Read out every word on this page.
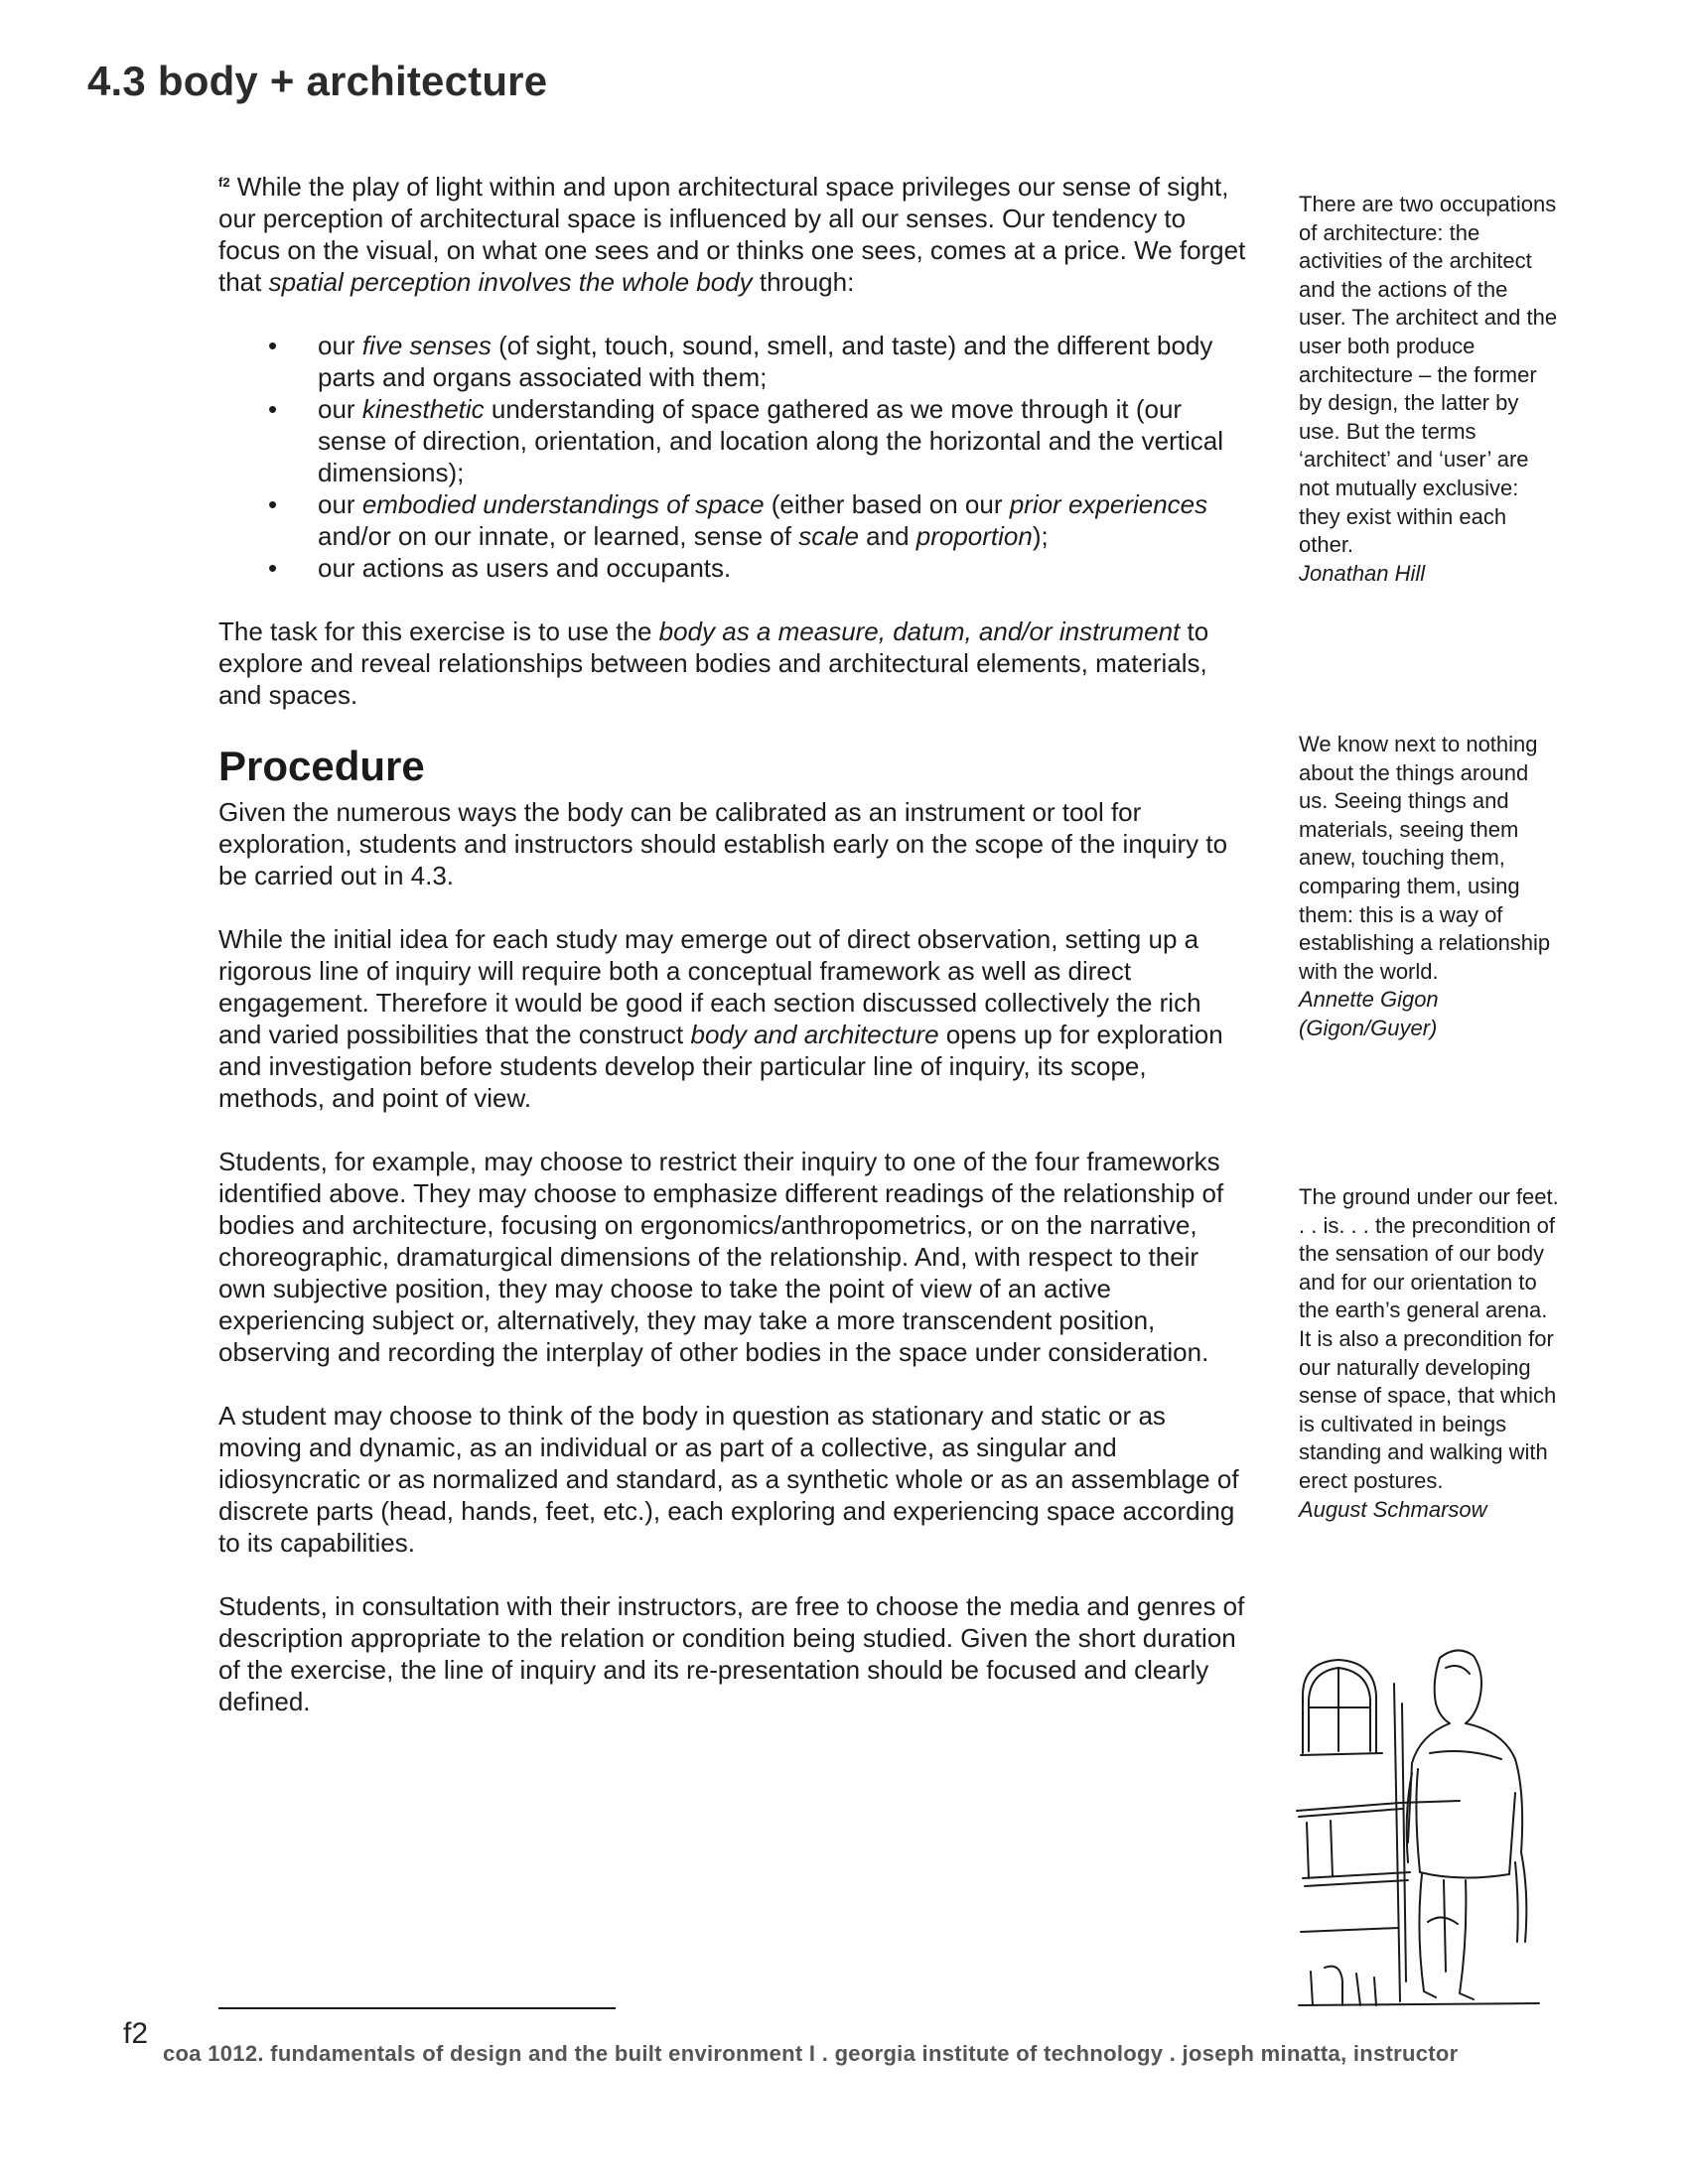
4.3 body + architecture

$^{f2}$ While the play of light within and upon architectural space privileges our sense of sight, our perception of architectural space is influenced by all our senses. Our tendency to focus on the visual, on what one sees and or thinks one sees, comes at a price. We forget that spatial perception involves the whole body through:

• our five senses (of sight, touch, sound, smell, and taste) and the different body parts and organs associated with them;
• our kinesthetic understanding of space gathered as we move through it (our sense of direction, orientation, and location along the horizontal and the vertical dimensions);
• our embodied understandings of space (either based on our prior experiences and/or on our innate, or learned, sense of scale and proportion);
• our actions as users and occupants.

The task for this exercise is to use the body as a measure, datum, and/or instrument to explore and reveal relationships between bodies and architectural elements, materials, and spaces.

Procedure

Given the numerous ways the body can be calibrated as an instrument or tool for exploration, students and instructors should establish early on the scope of the inquiry to be carried out in 4.3.

While the initial idea for each study may emerge out of direct observation, setting up a rigorous line of inquiry will require both a conceptual framework as well as direct engagement. Therefore it would be good if each section discussed collectively the rich and varied possibilities that the construct body and architecture opens up for exploration and investigation before students develop their particular line of inquiry, its scope, methods, and point of view.

Students, for example, may choose to restrict their inquiry to one of the four frameworks identified above. They may choose to emphasize different readings of the relationship of bodies and architecture, focusing on ergonomics/anthropometrics, or on the narrative, choreographic, dramaturgical dimensions of the relationship. And, with respect to their own subjective position, they may choose to take the point of view of an active experiencing subject or, alternatively, they may take a more transcendent position, observing and recording the interplay of other bodies in the space under consideration.

A student may choose to think of the body in question as stationary and static or as moving and dynamic, as an individual or as part of a collective, as singular and idiosyncratic or as normalized and standard, as a synthetic whole or as an assemblage of discrete parts (head, hands, feet, etc.), each exploring and experiencing space according to its capabilities.

Students, in consultation with their instructors, are free to choose the media and genres of description appropriate to the relation or condition being studied. Given the short duration of the exercise, the line of inquiry and its re-presentation should be focused and clearly defined.

There are two occupations of architecture: the activities of the architect and the actions of the user. The architect and the user both produce architecture – the former by design, the latter by use. But the terms ‘architect’ and ‘user’ are not mutually exclusive: they exist within each other.
Jonathan Hill
We know next to nothing about the things around us. Seeing things and materials, seeing them anew, touching them, comparing them, using them: this is a way of establishing a relationship with the world.
Annette Gigon (Gigon/Guyer)
The ground under our feet. . . is. . . the precondition of the sensation of our body and for our orientation to the earth’s general arena. It is also a precondition for our naturally developing sense of space, that which is cultivated in beings standing and walking with erect postures.
August Schmarsow
f2
coa 1012. fundamentals of design and the built environment I . georgia institute of technology . joseph minatta, instructor
